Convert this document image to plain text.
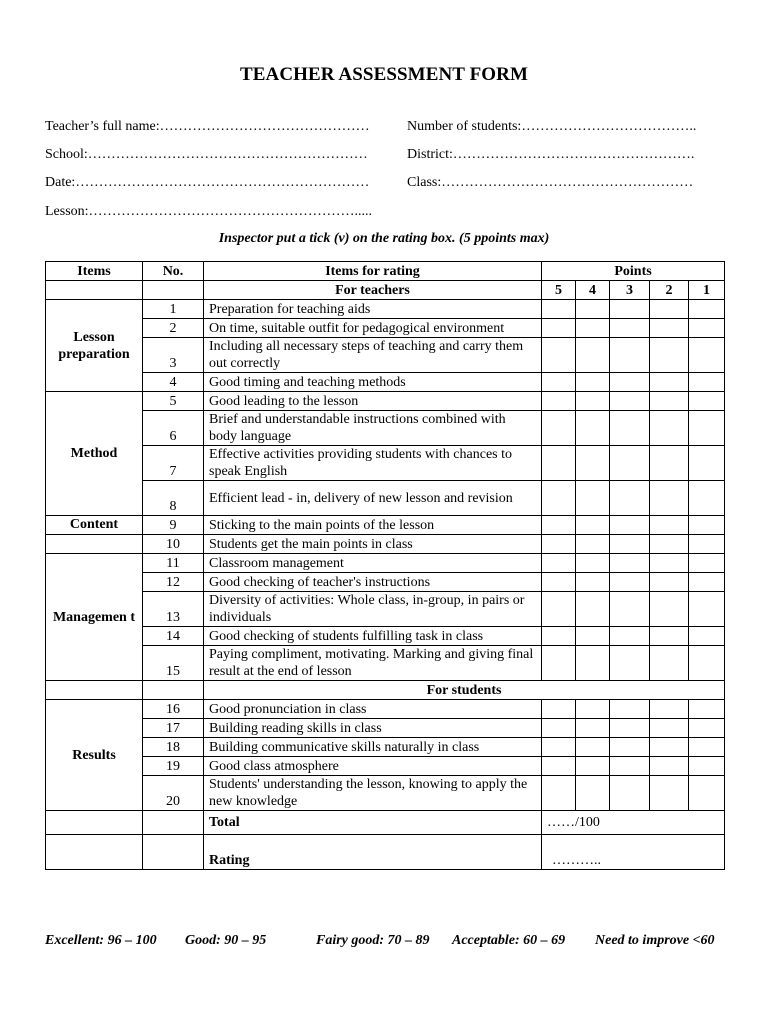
TEACHER ASSESSMENT FORM
Teacher’s full name:………………………………………	Number of students:………………………………..
School:……………………………………………………	District:…………………………………………….
Date:………………………………………………………	Class:………………………………………………
Lesson:………………………………………………….....
Inspector put a tick (v) on the rating box. (5 ppoints max)
Items	No.	Items for rating	Points				
		For teachers	5	4	3	2	1
Lesson preparation	1	Preparation for teaching aids					
	2	On time, suitable outfit for pedagogical environment					
	3	Including all necessary steps of teaching and carry them out correctly					
	4	Good timing and teaching methods					
Method	5	Good leading to the lesson					
	6	Brief and understandable instructions combined with body language					
	7	Effective activities providing students with chances to speak English					
	8	Efficient lead - in, delivery of new lesson and revision					
Content	9	Sticking to the main points of the lesson					
	10	Students get the main points in class					
Managemen t	11	Classroom management					
	12	Good checking of teacher's instructions					
	13	Diversity of activities: Whole class, in-group, in pairs or individuals					
	14	Good checking of students fulfilling task in class					
	15	Paying compliment, motivating. Marking and giving final result at the end of lesson					
		For students					
Results	16	Good pronunciation in class					
	17	Building reading skills in class					
	18	Building communicative skills naturally in class					
	19	Good class atmosphere					
	20	Students' understanding the lesson, knowing to apply the new knowledge					
		Total	……/100				
		Rating	………..				
Excellent: 96 – 100 Good: 90 – 95	Fairy good: 70 – 89 Acceptable: 60 – 69 Need to improve <60
